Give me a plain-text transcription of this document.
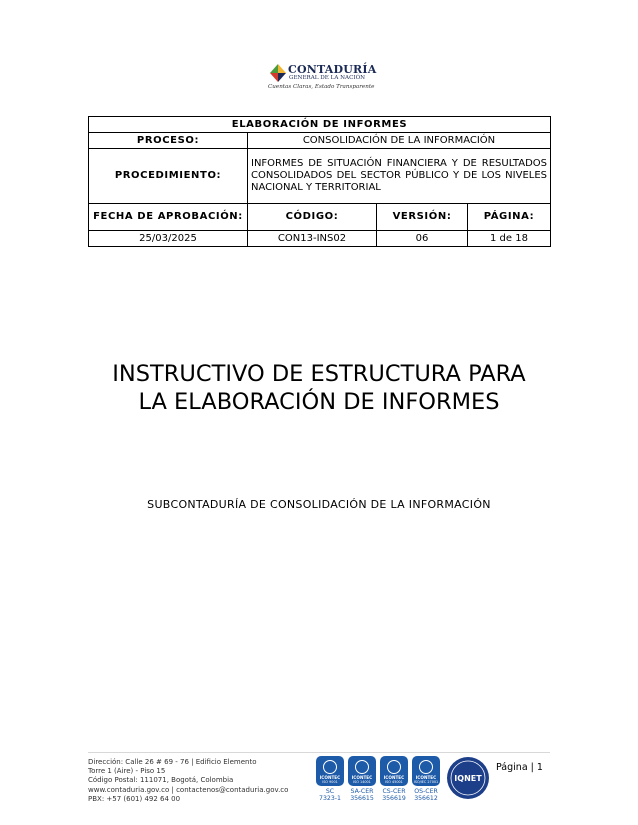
CONTADURÍA
GENERAL DE LA NACIÓN
Cuentas Claras, Estado Transparente
ELABORACIÓN DE INFORMES			
PROCESO:	CONSOLIDACIÓN DE LA INFORMACIÓN		
PROCEDIMIENTO:	INFORMES DE SITUACIÓN FINANCIERA Y DE RESULTADOS CONSOLIDADOS DEL SECTOR PÚBLICO Y DE LOS NIVELES NACIONAL Y TERRITORIAL		
FECHA DE APROBACIÓN:	CÓDIGO:	VERSIÓN:	PÁGINA:
25/03/2025	CON13-INS02	06	1 de 18
INSTRUCTIVO DE ESTRUCTURA PARA
LA ELABORACIÓN DE INFORMES
SUBCONTADURÍA DE CONSOLIDACIÓN DE LA INFORMACIÓN
Dirección: Calle 26 # 69 - 76 | Edificio Elemento
Torre 1 (Aire) - Piso 15
Código Postal: 111071, Bogotá, Colombia
www.contaduria.gov.co | contactenos@contaduria.gov.co
PBX: +57 (601) 492 64 00
ICONTEC
ISO 9001
SC
7323-1
ICONTEC
ISO 14001
SA-CER
356615
ICONTEC
ISO 45001
CS-CER
356619
ICONTEC
ISO/IEC 27001
OS-CER
356612
IQNET
Página | 1
